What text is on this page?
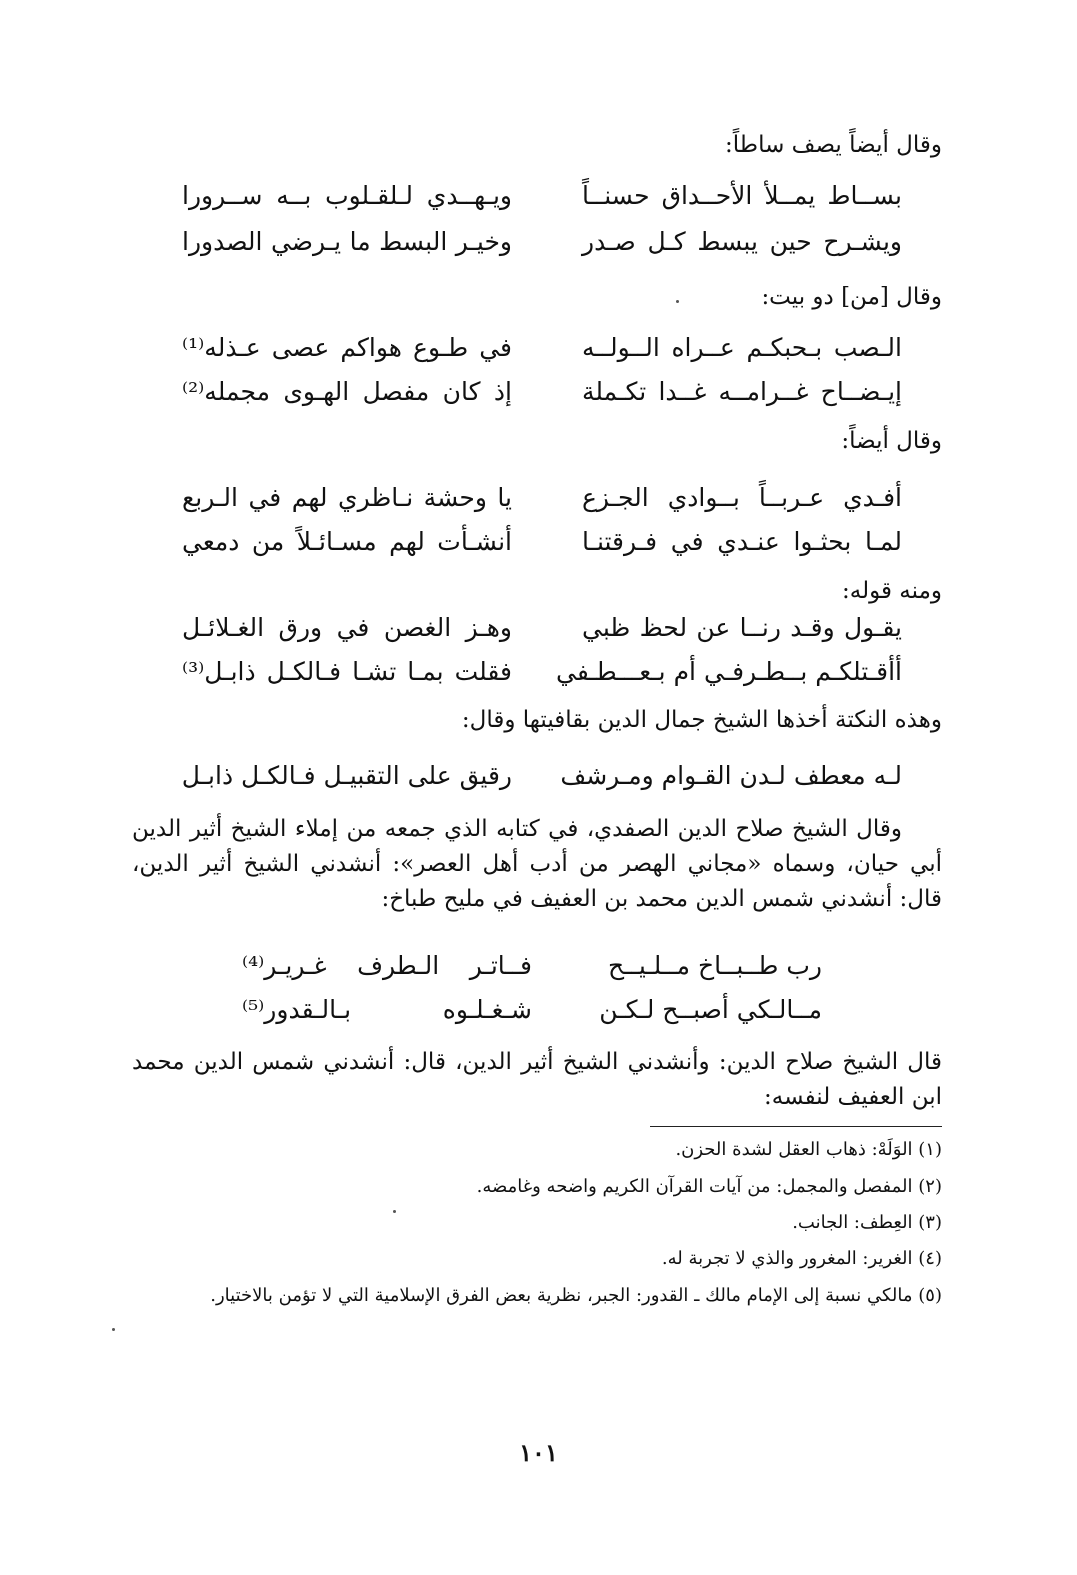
وقال أيضاً يصف ساطاً:
بســاط يمــلأ الأحــداق حسنــاً
ويـهــدي لـلقـلوب بــه ســرورا
ويشـرح حين يبسط كـل صـدر
وخيـر البسط ما يـرضي الصدورا
وقال [من] دو بيت:
الـصب بـحبكـم عــراه الــولــه
في طـوع هواكم عصى عـذله⁽¹⁾
إيـضــاح غــرامــه غــدا تكـملة
إذ كان مفصل الهـوى مجمله⁽²⁾
وقال أيضاً:
أفـدي عـربــاً بــوادي الجـزع
يا وحشة نـاظري لهم في الـربع
لمـا بحثـوا عنـدي في فـرقتنـا
أنشـأت لهم مسـائـلاً من دمعي
ومنه قوله:
يقـول وقـد رنــا عن لحظ ظبي
وهـز الغصن في ورق الغـلائـل
أأقـتلكـم بــطـرفـي أم بـعـــطـفي
فقلت بمـا تشـا فـالكـل ذابـل⁽³⁾
وهذه النكتة أخذها الشيخ جمال الدين بقافيتها وقال:
لـه معطف لـدن القـوام ومـرشف
رقيق على التقبيـل فـالكـل ذابـل
وقال الشيخ صلاح الدين الصفدي، في كتابه الذي جمعه من إملاء الشيخ أثير الدين أبي حيان، وسماه «مجاني الهصر من أدب أهل العصر»: أنشدني الشيخ أثير الدين، قال: أنشدني شمس الدين محمد بن العفيف في مليح طباخ:
رب طــبــاخ مــلـيــح
فــاتـر الـطرف غـريـر⁽⁴⁾
مــالـكي أصبــح لـكـن
شـغـلـوه بـالـقدور⁽⁵⁾
قال الشيخ صلاح الدين: وأنشدني الشيخ أثير الدين، قال: أنشدني شمس الدين محمد ابن العفيف لنفسه:
(١) الوَلَهْ: ذهاب العقل لشدة الحزن.
(٢) المفصل والمجمل: من آيات القرآن الكريم واضحه وغامضه.
(٣) العِطف: الجانب.
(٤) الغرير: المغرور والذي لا تجربة له.
(٥) مالكي نسبة إلى الإمام مالك ـ القدور: الجبر، نظرية بعض الفرق الإسلامية التي لا تؤمن بالاختيار.
١٠١
